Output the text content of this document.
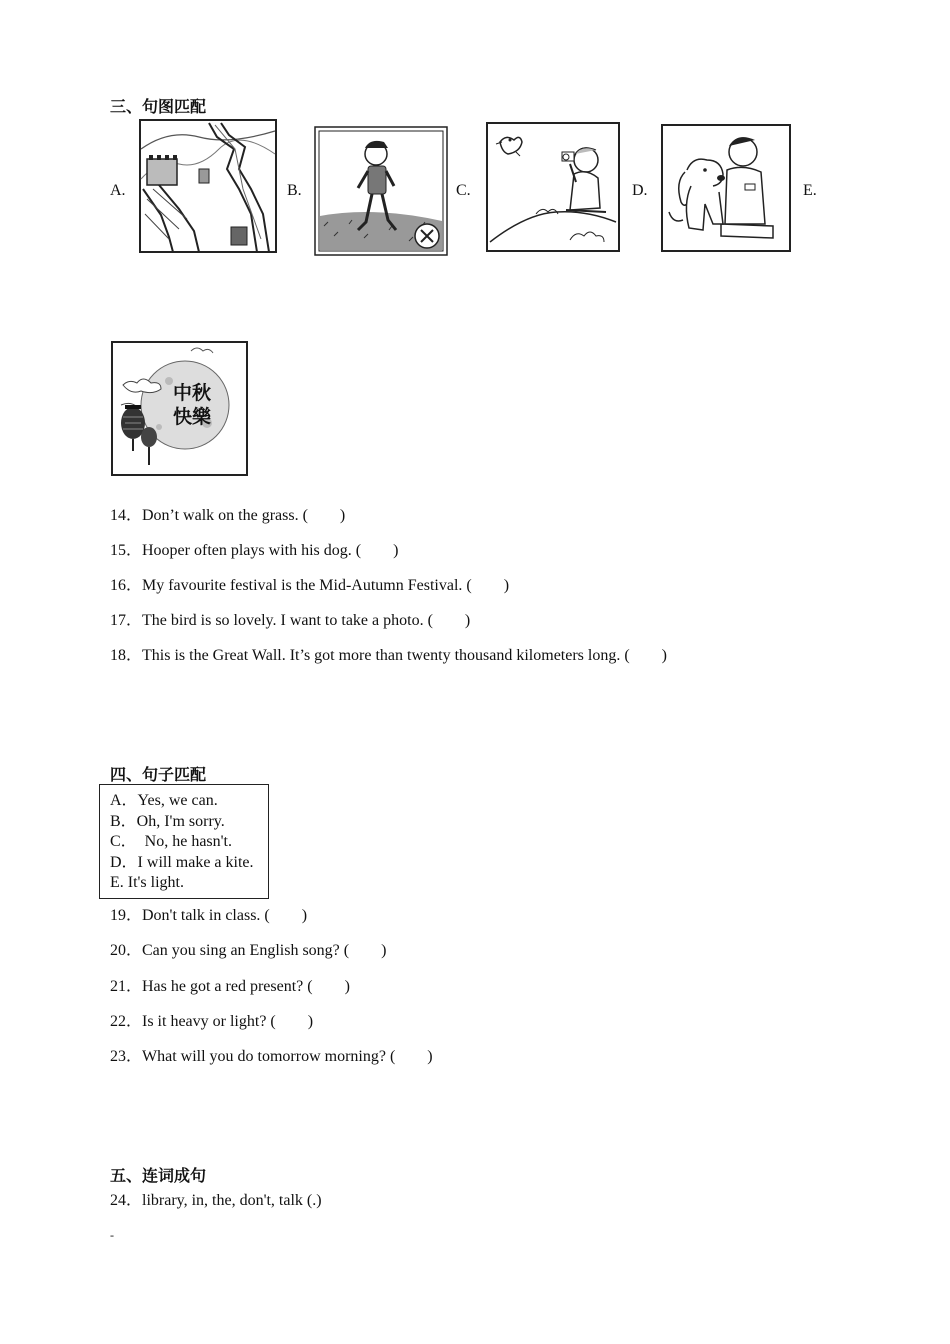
三、句图匹配
A.	B.	C.	D.	E.
中秋
快樂
14．Don’t walk on the grass. (　　)
15．Hooper often plays with his dog. (　　)
16．My favourite festival is the Mid-Autumn Festival. (　　)
17．The bird is so lovely. I want to take a photo. (　　)
18．This is the Great Wall. It’s got more than twenty thousand kilometers long. (　　)
四、句子匹配
A．Yes, we can.
B．Oh, I'm sorry.
C．　No, he hasn't.
D．I will make a kite.
E. It's light.
19．Don't talk in class. (　　)
20．Can you sing an English song? (　　)
21．Has he got a red present? (　　)
22．Is it heavy or light? (　　)
23．What will you do tomorrow morning? (　　)
五、连词成句
24．library, in, the, don't, talk (.)
-
